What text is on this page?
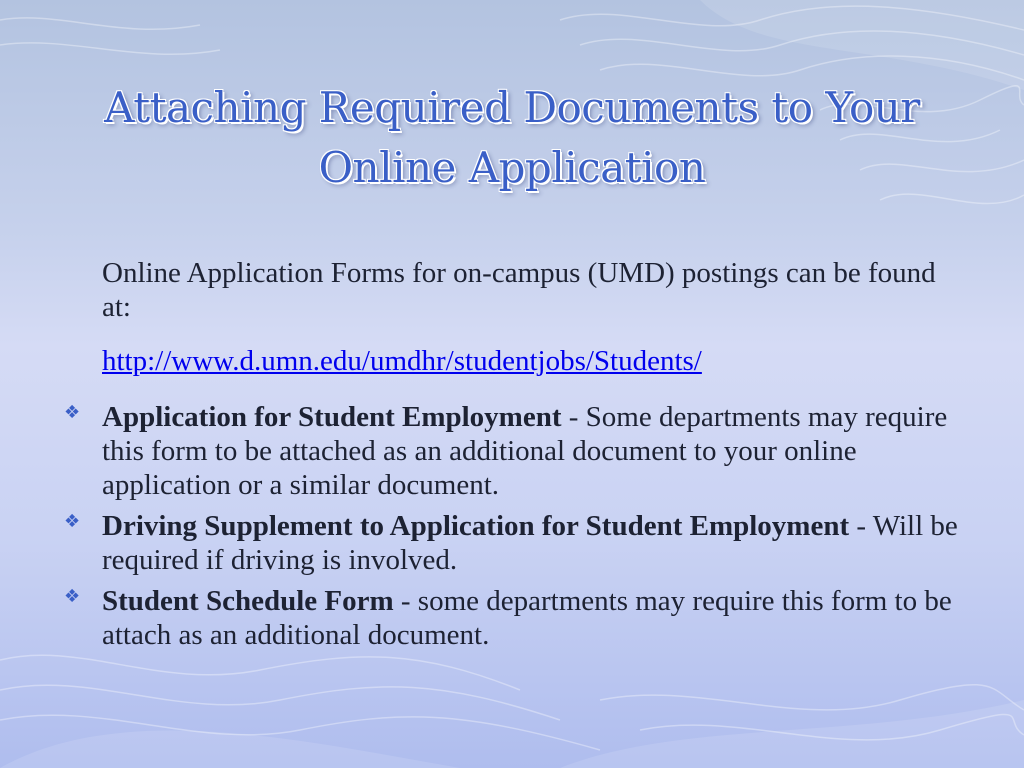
Attaching Required Documents to Your
Online Application

Online Application Forms for on-campus (UMD) postings can be found at:

http://www.d.umn.edu/umdhr/studentjobs/Students/

❖ Application for Student Employment - Some departments may require this form to be attached as an additional document to your online application or a similar document.
❖ Driving Supplement to Application for Student Employment - Will be required if driving is involved.
❖ Student Schedule Form - some departments may require this form to be attach as an additional document.
